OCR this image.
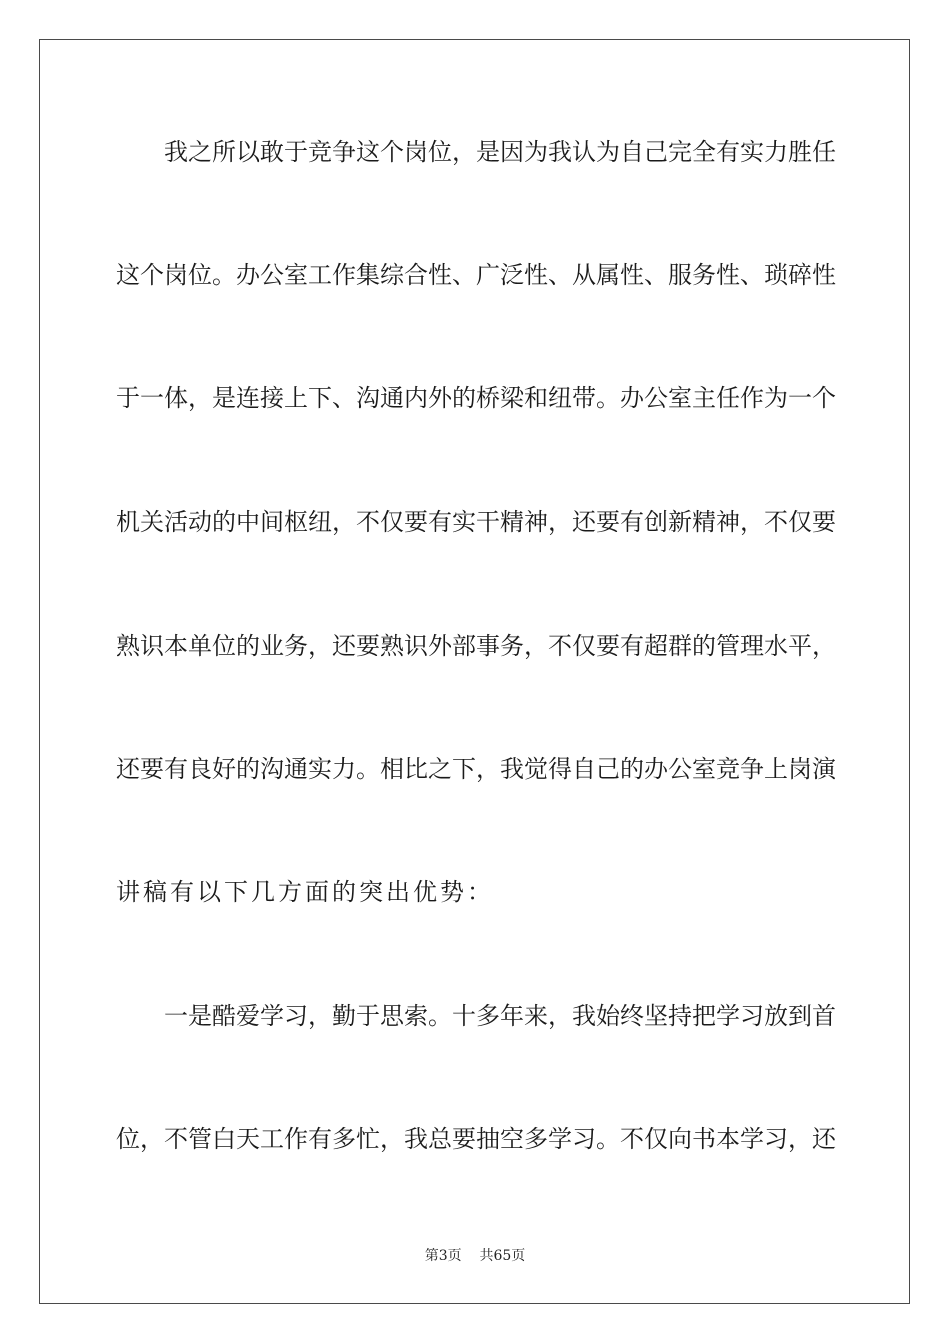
我之所以敢于竞争这个岗位，是因为我认为自己完全有实力胜任
这个岗位。办公室工作集综合性、广泛性、从属性、服务性、琐碎性
于一体，是连接上下、沟通内外的桥梁和纽带。办公室主任作为一个
机关活动的中间枢纽，不仅要有实干精神，还要有创新精神，不仅要
熟识本单位的业务，还要熟识外部事务，不仅要有超群的管理水平，
还要有良好的沟通实力。相比之下，我觉得自己的办公室竞争上岗演
讲稿有以下几方面的突出优势：
一是酷爱学习，勤于思索。十多年来，我始终坚持把学习放到首
位，不管白天工作有多忙，我总要抽空多学习。不仅向书本学习，还
第3页 共65页
